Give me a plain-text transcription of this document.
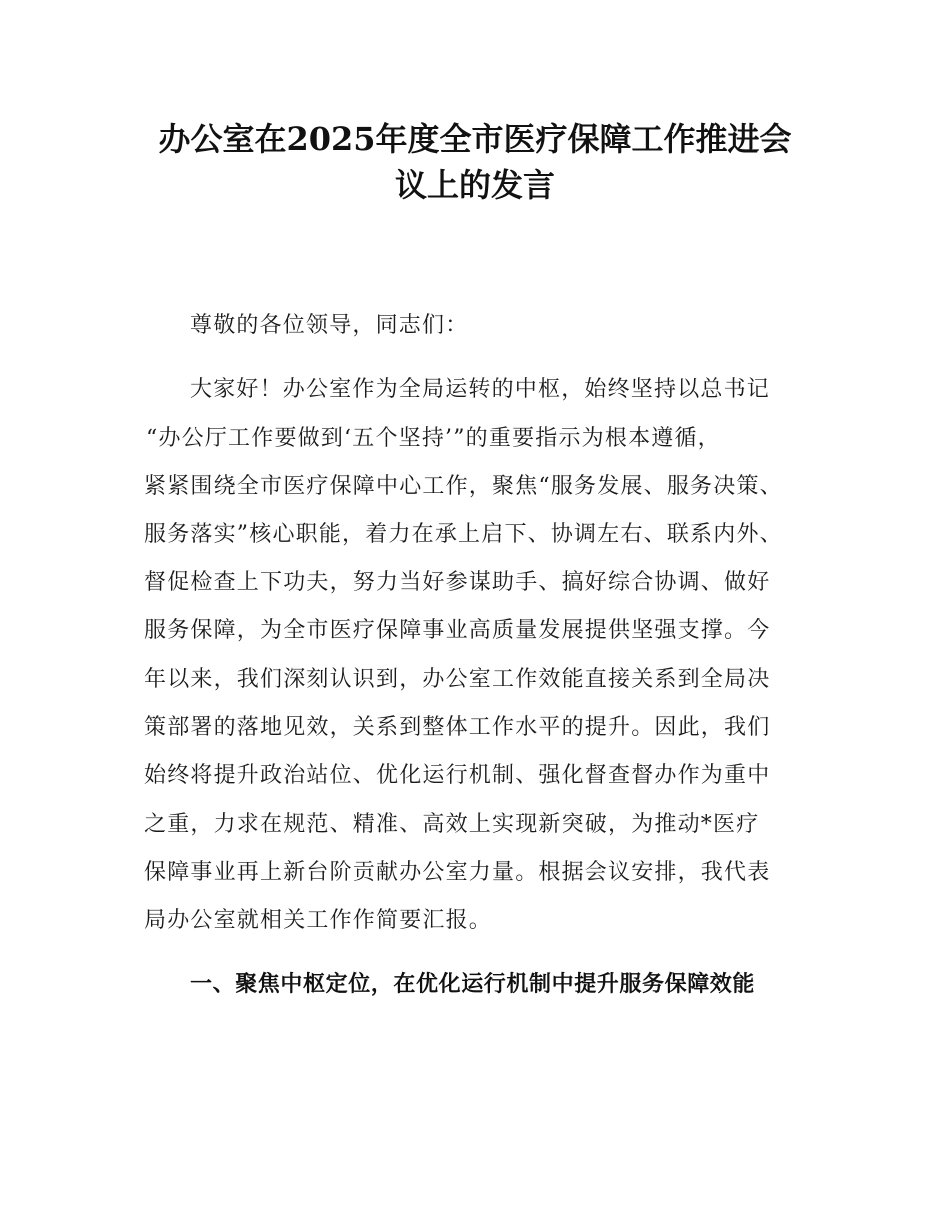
办公室在2025年度全市医疗保障工作推进会
议上的发言
尊敬的各位领导，同志们：
大家好！办公室作为全局运转的中枢，始终坚持以总书记
“办公厅工作要做到‘五个坚持’”的重要指示为根本遵循，
紧紧围绕全市医疗保障中心工作，聚焦“服务发展、服务决策、
服务落实”核心职能，着力在承上启下、协调左右、联系内外、
督促检查上下功夫，努力当好参谋助手、搞好综合协调、做好
服务保障，为全市医疗保障事业高质量发展提供坚强支撑。今
年以来，我们深刻认识到，办公室工作效能直接关系到全局决
策部署的落地见效，关系到整体工作水平的提升。因此，我们
始终将提升政治站位、优化运行机制、强化督查督办作为重中
之重，力求在规范、精准、高效上实现新突破，为推动*医疗
保障事业再上新台阶贡献办公室力量。根据会议安排，我代表
局办公室就相关工作作简要汇报。
一、聚焦中枢定位，在优化运行机制中提升服务保障效能
